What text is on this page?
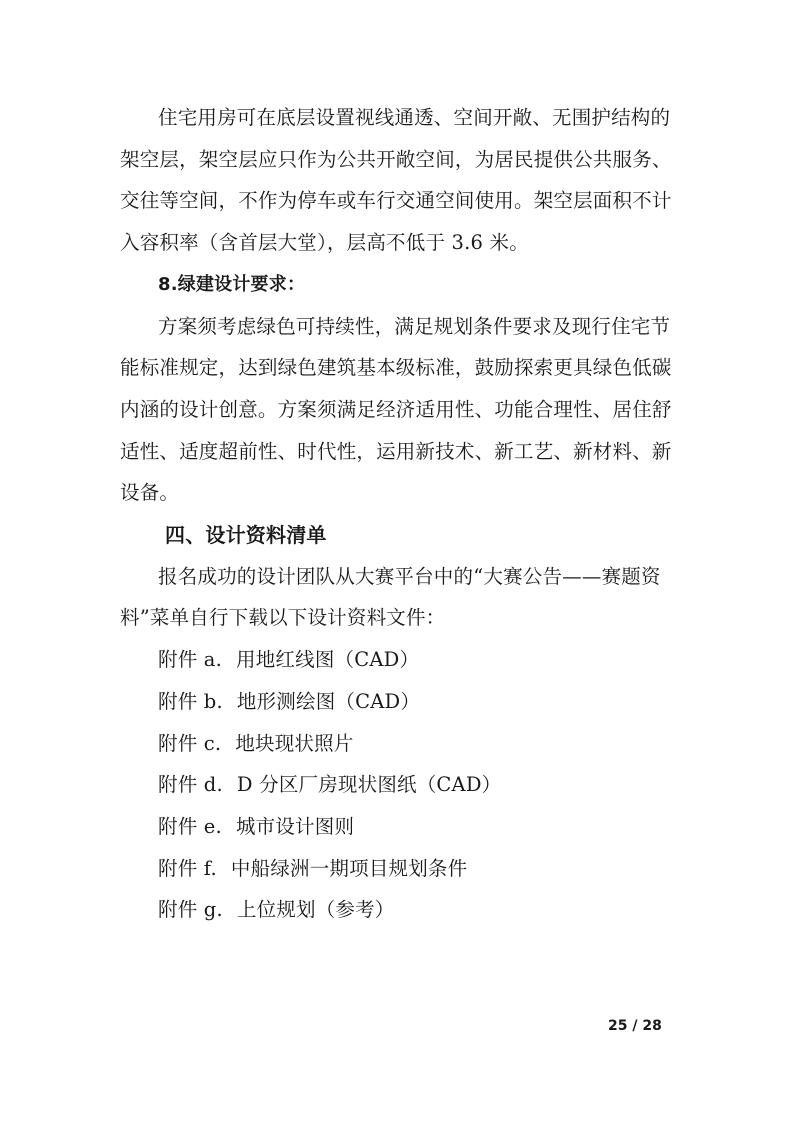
住宅用房可在底层设置视线通透、空间开敞、无围护结构的
架空层，架空层应只作为公共开敞空间，为居民提供公共服务、
交往等空间，不作为停车或车行交通空间使用。架空层面积不计
入容积率（含首层大堂），层高不低于 3.6 米。
8.绿建设计要求：
方案须考虑绿色可持续性，满足规划条件要求及现行住宅节
能标准规定，达到绿色建筑基本级标准，鼓励探索更具绿色低碳
内涵的设计创意。方案须满足经济适用性、功能合理性、居住舒
适性、适度超前性、时代性，运用新技术、新工艺、新材料、新
设备。
四、设计资料清单
报名成功的设计团队从大赛平台中的“大赛公告——赛题资
料”菜单自行下载以下设计资料文件：
附件 a. 用地红线图（CAD）
附件 b. 地形测绘图（CAD）
附件 c. 地块现状照片
附件 d. D 分区厂房现状图纸（CAD）
附件 e. 城市设计图则
附件 f. 中船绿洲一期项目规划条件
附件 g. 上位规划（参考）
25 / 28
